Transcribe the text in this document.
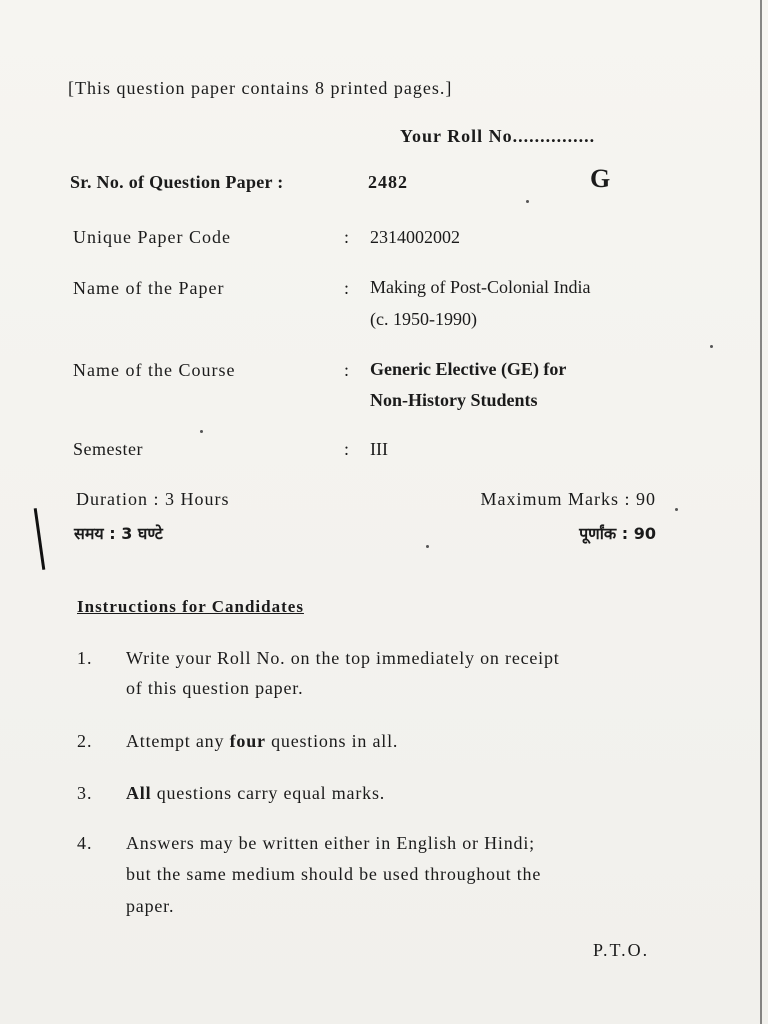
[This question paper contains 8 printed pages.]
Your Roll No...............
Sr. No. of Question Paper :	2482	G
Unique Paper Code	: 2314002002
Name of the Paper	: Making of Post-Colonial India
(c. 1950-1990)
Name of the Course	: Generic Elective (GE) for
Non-History Students
Semester	: III
Duration : 3 Hours	Maximum Marks : 90
समय : 3 घण्टे	पूर्णांक : 90
Instructions for Candidates
1. Write your Roll No. on the top immediately on receipt
of this question paper.
2. Attempt any four questions in all.
3. All questions carry equal marks.
4. Answers may be written either in English or Hindi;
but the same medium should be used throughout the
paper.
P.T.O.
